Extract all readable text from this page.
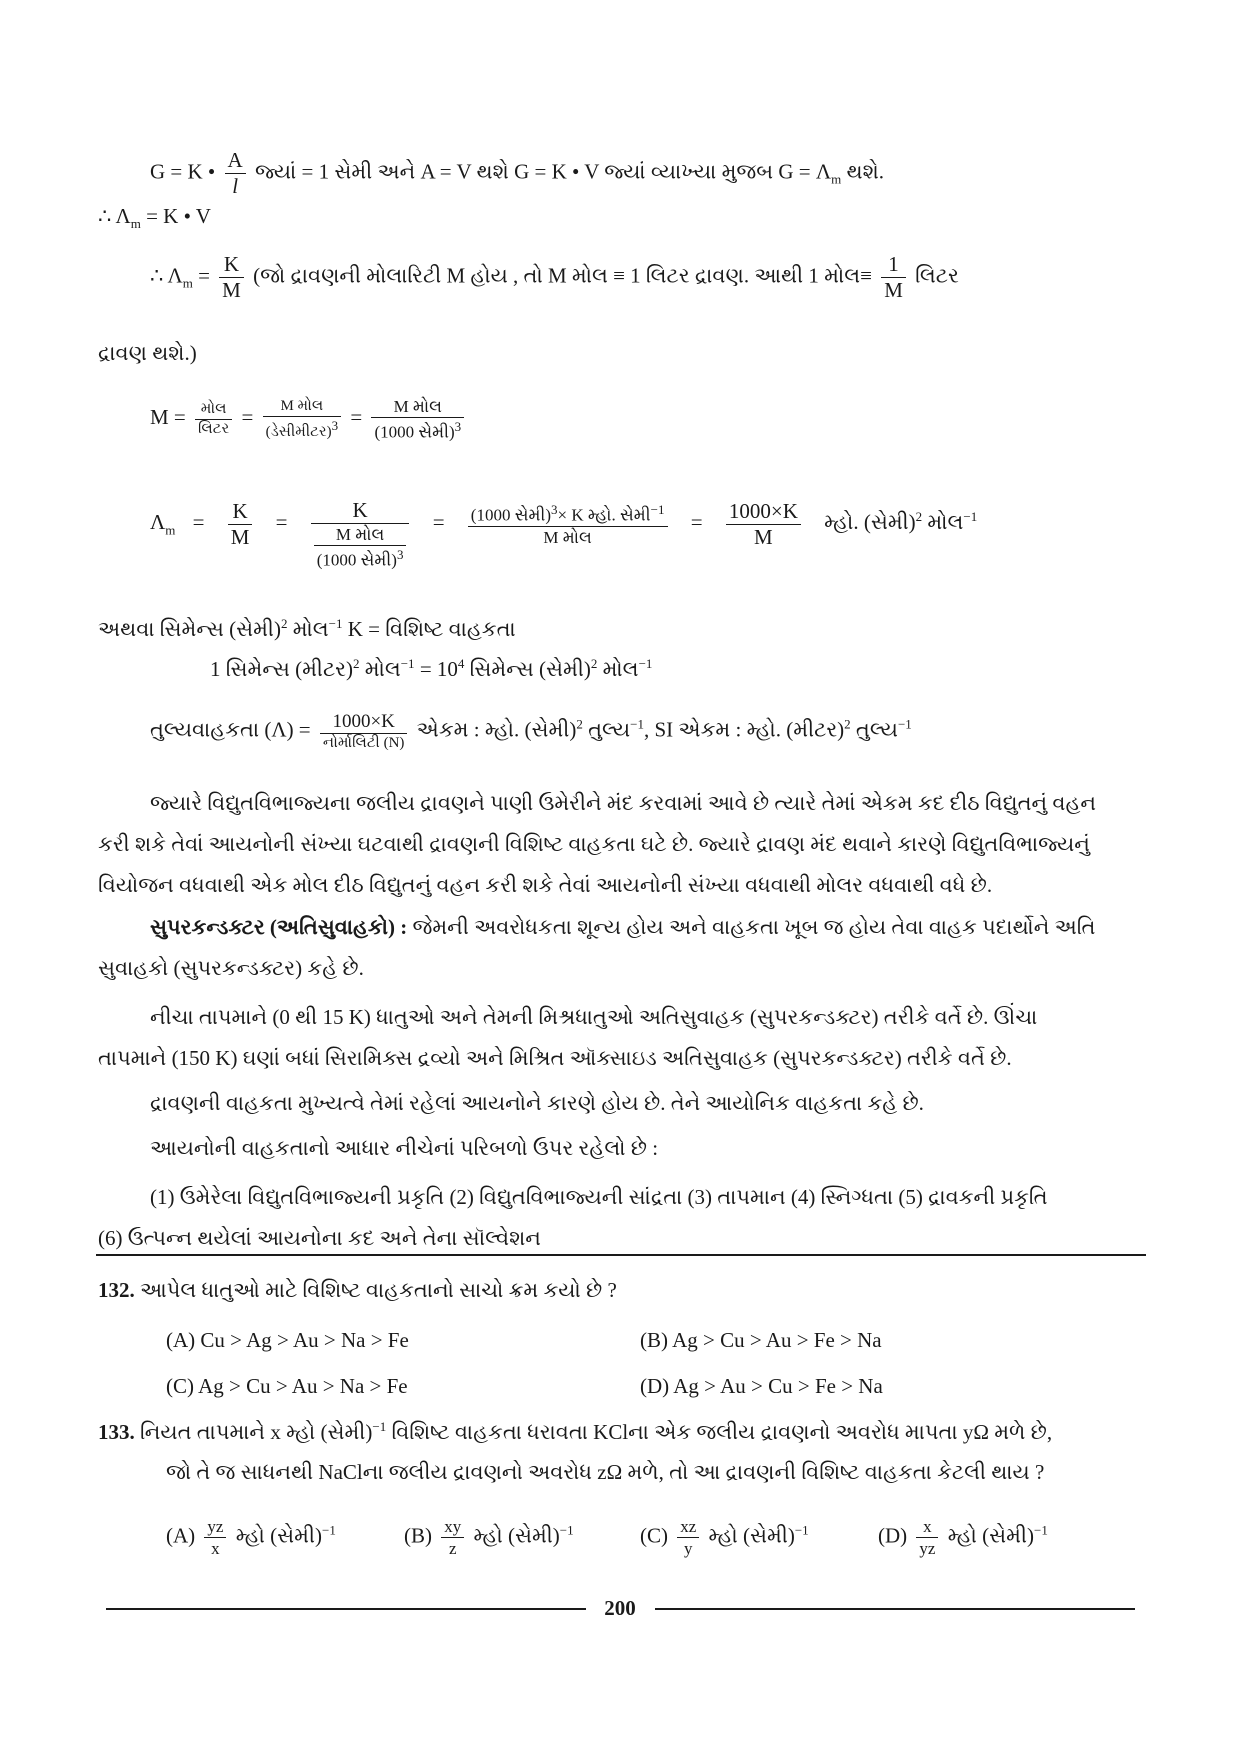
G = K • $\frac{A}{l}$ જ્યાં = 1 સેમી અને A = V થશે G = K • V જ્યાં વ્યાખ્યા મુજબ $G = \Lambda_m$ થશે.
∴ $\Lambda_m = K$ • V
∴ $\Lambda_m = \frac{K}{M}$ (જો દ્રાવણની મોલારિટી M હોય , તો M મોલ ≡ 1 લિટર દ્રાવણ. આથી 1 મોલ≡ $\frac{1}{M}$ લિટર
દ્રાવણ થશે.)
$M = \frac{\text{મોલ}}{\text{લિટર}} = \frac{\text{M મોલ}}{(ડેસીમીટર)^3} = \frac{\text{M મોલ}}{(1000 સેમી)^3}$
$\Lambda_m = \frac{K}{M} = \frac{K}{\frac{\text{M મોલ}}{(1000 સેમી)^3}} = \frac{(1000 સેમી)^3\times K મ્હો. સેમી^{-1}}{\text{M મોલ}} = \frac{1000\times K}{M}$ મ્હો. (સેમી)$^2$ મોલ$^{-1}$
અથવા સિમેન્સ (સેમી)$^2$ મોલ$^{-1}$ K = વિશિષ્ટ વાહકતા
1 સિમેન્સ (મીટર)$^2$ મોલ$^{-1}$ = $10^4$ સિમેન્સ (સેમી)$^2$ મોલ$^{-1}$
તુલ્યવાહકતા $(\Lambda) = \frac{1000\times K}{\text{નોર્માલિટી (N)}}$ એકમ : મ્હો. (સેમી)$^2$ તુલ્ય$^{-1}$, SI એકમ : મ્હો. (મીટર)$^2$ તુલ્ય$^{-1}$
જ્યારે વિદ્યુતવિભાજ્યના જલીય દ્રાવણને પાણી ઉમેરીને મંદ કરવામાં આવે છે ત્યારે તેમાં એકમ કદ દીઠ વિદ્યુતનું વહન
કરી શકે તેવાં આયનોની સંખ્યા ઘટવાથી દ્રાવણની વિશિષ્ટ વાહકતા ઘટે છે. જ્યારે દ્રાવણ મંદ થવાને કારણે વિદ્યુતવિભાજ્યનું
વિયોજન વધવાથી એક મોલ દીઠ વિદ્યુતનું વહન કરી શકે તેવાં આયનોની સંખ્યા વધવાથી મોલર વધવાથી વધે છે.
સુપરકન્ડક્ટર (અતિસુવાહકો) : જેમની અવરોધકતા શૂન્ય હોય અને વાહકતા ખૂબ જ હોય તેવા વાહક પદાર્થોને અતિ
સુવાહકો (સુપરકન્ડક્ટર) કહે છે.
નીચા તાપમાને (0 થી 15 K) ધાતુઓ અને તેમની મિશ્રધાતુઓ અતિસુવાહક (સુપરકન્ડક્ટર) તરીકે વર્તે છે. ઊંચા
તાપમાને (150 K) ઘણાં બધાં સિરામિક્સ દ્રવ્યો અને મિશ્રિત ઑક્સાઇડ અતિસુવાહક (સુપરકન્ડક્ટર) તરીકે વર્તે છે.
દ્રાવણની વાહકતા મુખ્યત્વે તેમાં રહેલાં આયનોને કારણે હોય છે. તેને આયોનિક વાહકતા કહે છે.
આયનોની વાહકતાનો આધાર નીચેનાં પરિબળો ઉપર રહેલો છે :
(1) ઉમેરેલા વિદ્યુતવિભાજ્યની પ્રકૃતિ (2) વિદ્યુતવિભાજ્યની સાંદ્રતા (3) તાપમાન (4) સ્નિગ્ધતા (5) દ્રાવકની પ્રકૃતિ
(6) ઉત્પન્ન થયેલાં આયનોના કદ અને તેના સૉલ્વેશન
132. આપેલ ધાતુઓ માટે વિશિષ્ટ વાહકતાનો સાચો ક્રમ કયો છે ?
(A) Cu > Ag > Au > Na > Fe	(B) Ag > Cu > Au > Fe > Na
(C) Ag > Cu > Au > Na > Fe	(D) Ag > Au > Cu > Fe > Na
133. નિયત તાપમાને x મ્હો (સેમી)$^{-1}$ વિશિષ્ટ વાહકતા ધરાવતા KClના એક જલીય દ્રાવણનો અવરોધ માપતા yΩ મળે છે,
જો તે જ સાધનથી NaClના જલીય દ્રાવણનો અવરોધ zΩ મળે, તો આ દ્રાવણની વિશિષ્ટ વાહકતા કેટલી થાય ?
$(A) \frac{yz}{x}$ મ્હો (સેમી)$^{-1}$	$(B) \frac{xy}{z}$ મ્હો (સેમી)$^{-1}$	$(C) \frac{xz}{y}$ મ્હો (સેમી)$^{-1}$	$(D) \frac{x}{yz}$ મ્હો (સેમી)$^{-1}$
200
